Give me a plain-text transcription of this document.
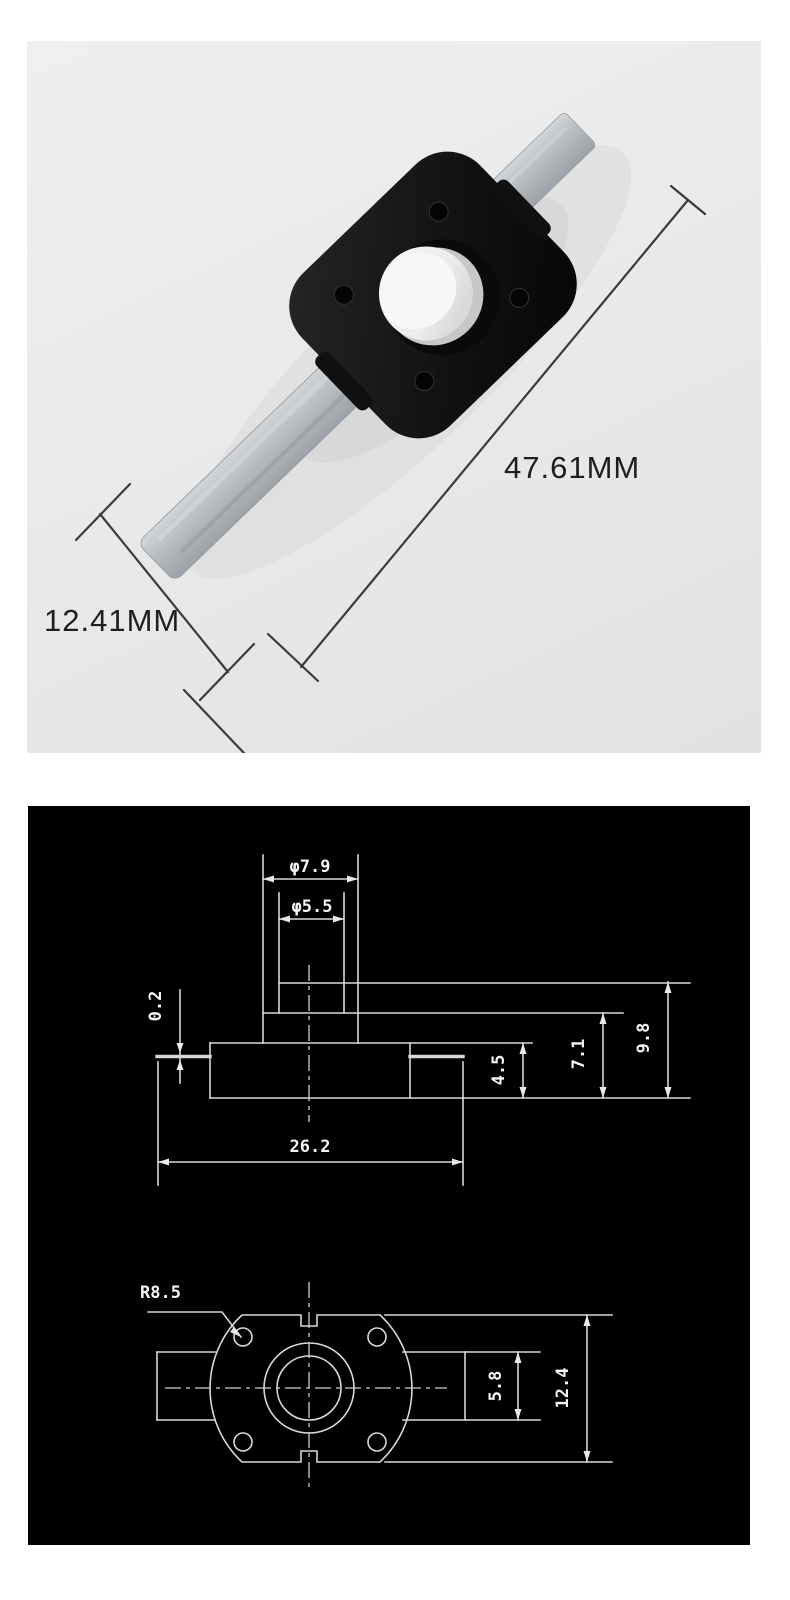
47.61MM
12.41MM
φ7.9
φ5.5
0.2
26.2
4.5
7.1
9.8
R8.5
5.8	12.4
